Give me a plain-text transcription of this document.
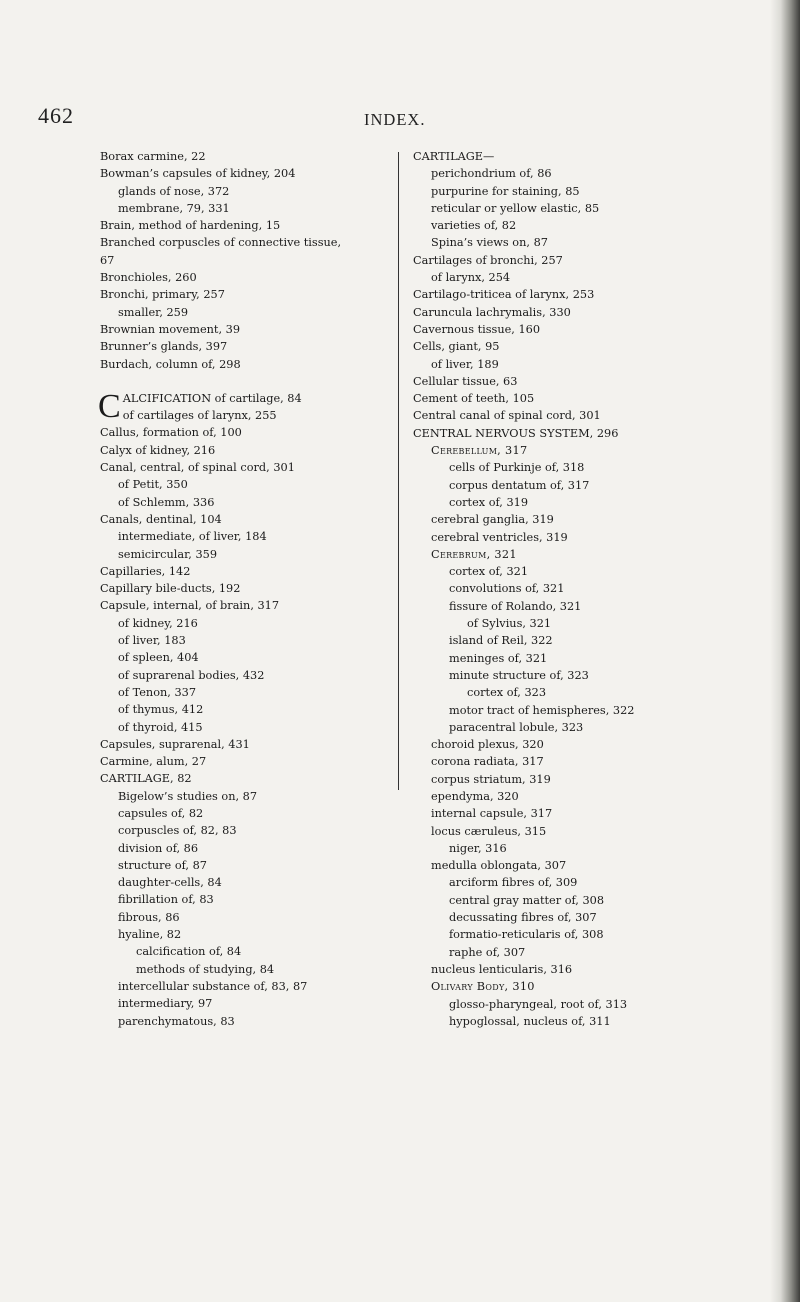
462	INDEX.
Borax carmine, 22
Bowman’s capsules of kidney, 204
glands of nose, 372
membrane, 79, 331
Brain, method of hardening, 15
Branched corpuscles of connective tissue,
67
Bronchioles, 260
Bronchi, primary, 257
smaller, 259
Brownian movement, 39
Brunner’s glands, 397
Burdach, column of, 298
C ALCIFICATION of cartilage, 84
of cartilages of larynx, 255
Callus, formation of, 100
Calyx of kidney, 216
Canal, central, of spinal cord, 301
of Petit, 350
of Schlemm, 336
Canals, dentinal, 104
intermediate, of liver, 184
semicircular, 359
Capillaries, 142
Capillary bile-ducts, 192
Capsule, internal, of brain, 317
of kidney, 216
of liver, 183
of spleen, 404
of suprarenal bodies, 432
of Tenon, 337
of thymus, 412
of thyroid, 415
Capsules, suprarenal, 431
Carmine, alum, 27
CARTILAGE, 82
Bigelow’s studies on, 87
capsules of, 82
corpuscles of, 82, 83
division of, 86
structure of, 87
daughter-cells, 84
fibrillation of, 83
fibrous, 86
hyaline, 82
calcification of, 84
methods of studying, 84
intercellular substance of, 83, 87
intermediary, 97
parenchymatous, 83
CARTILAGE—
perichondrium of, 86
purpurine for staining, 85
reticular or yellow elastic, 85
varieties of, 82
Spina’s views on, 87
Cartilages of bronchi, 257
of larynx, 254
Cartilago-triticea of larynx, 253
Caruncula lachrymalis, 330
Cavernous tissue, 160
Cells, giant, 95
of liver, 189
Cellular tissue, 63
Cement of teeth, 105
Central canal of spinal cord, 301
CENTRAL NERVOUS SYSTEM, 296
Cerebellum, 317
cells of Purkinje of, 318
corpus dentatum of, 317
cortex of, 319
cerebral ganglia, 319
cerebral ventricles, 319
Cerebrum, 321
cortex of, 321
convolutions of, 321
fissure of Rolando, 321
of Sylvius, 321
island of Reil, 322
meninges of, 321
minute structure of, 323
cortex of, 323
motor tract of hemispheres, 322
paracentral lobule, 323
choroid plexus, 320
corona radiata, 317
corpus striatum, 319
ependyma, 320
internal capsule, 317
locus cæruleus, 315
niger, 316
medulla oblongata, 307
arciform fibres of, 309
central gray matter of, 308
decussating fibres of, 307
formatio-reticularis of, 308
raphe of, 307
nucleus lenticularis, 316
Olivary Body, 310
glosso-pharyngeal, root of, 313
hypoglossal, nucleus of, 311
